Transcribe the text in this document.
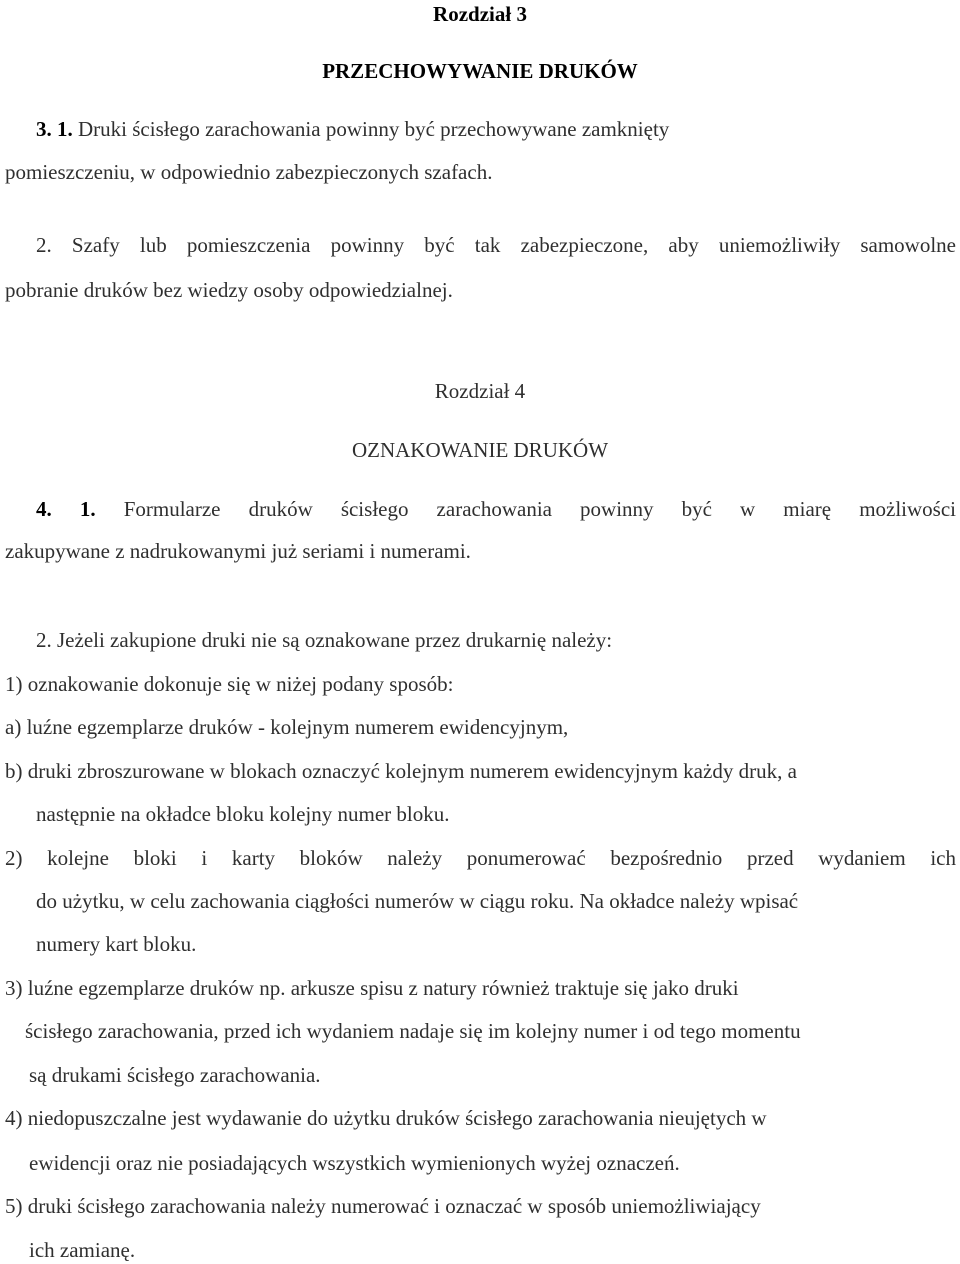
Rozdział 3
PRZECHOWYWANIE DRUKÓW
3. 1. Druki ścisłego zarachowania powinny być przechowywane zamknięty
pomieszczeniu, w odpowiednio zabezpieczonych szafach.
2. Szafy lub pomieszczenia powinny być tak zabezpieczone, aby uniemożliwiły samowolne
pobranie druków bez wiedzy osoby odpowiedzialnej.
Rozdział 4
OZNAKOWANIE DRUKÓW
4. 1. Formularze druków ścisłego zarachowania powinny być w miarę możliwości
zakupywane z nadrukowanymi już seriami i numerami.
2. Jeżeli zakupione druki nie są oznakowane przez drukarnię należy:
1) oznakowanie dokonuje się w niżej podany sposób:
a) luźne egzemplarze druków - kolejnym numerem ewidencyjnym,
b) druki zbroszurowane w blokach oznaczyć kolejnym numerem ewidencyjnym każdy druk, a
następnie na okładce bloku kolejny numer bloku.
2) kolejne bloki i karty bloków należy ponumerować bezpośrednio przed wydaniem ich
do użytku, w celu zachowania ciągłości numerów w ciągu roku. Na okładce należy wpisać
numery kart bloku.
3) luźne egzemplarze druków np. arkusze spisu z natury również traktuje się jako druki
ścisłego zarachowania, przed ich wydaniem nadaje się im kolejny numer i od tego momentu
są drukami ścisłego zarachowania.
4) niedopuszczalne jest wydawanie do użytku druków ścisłego zarachowania nieujętych w
ewidencji oraz nie posiadających wszystkich wymienionych wyżej oznaczeń.
5) druki ścisłego zarachowania należy numerować i oznaczać w sposób uniemożliwiający
ich zamianę.
